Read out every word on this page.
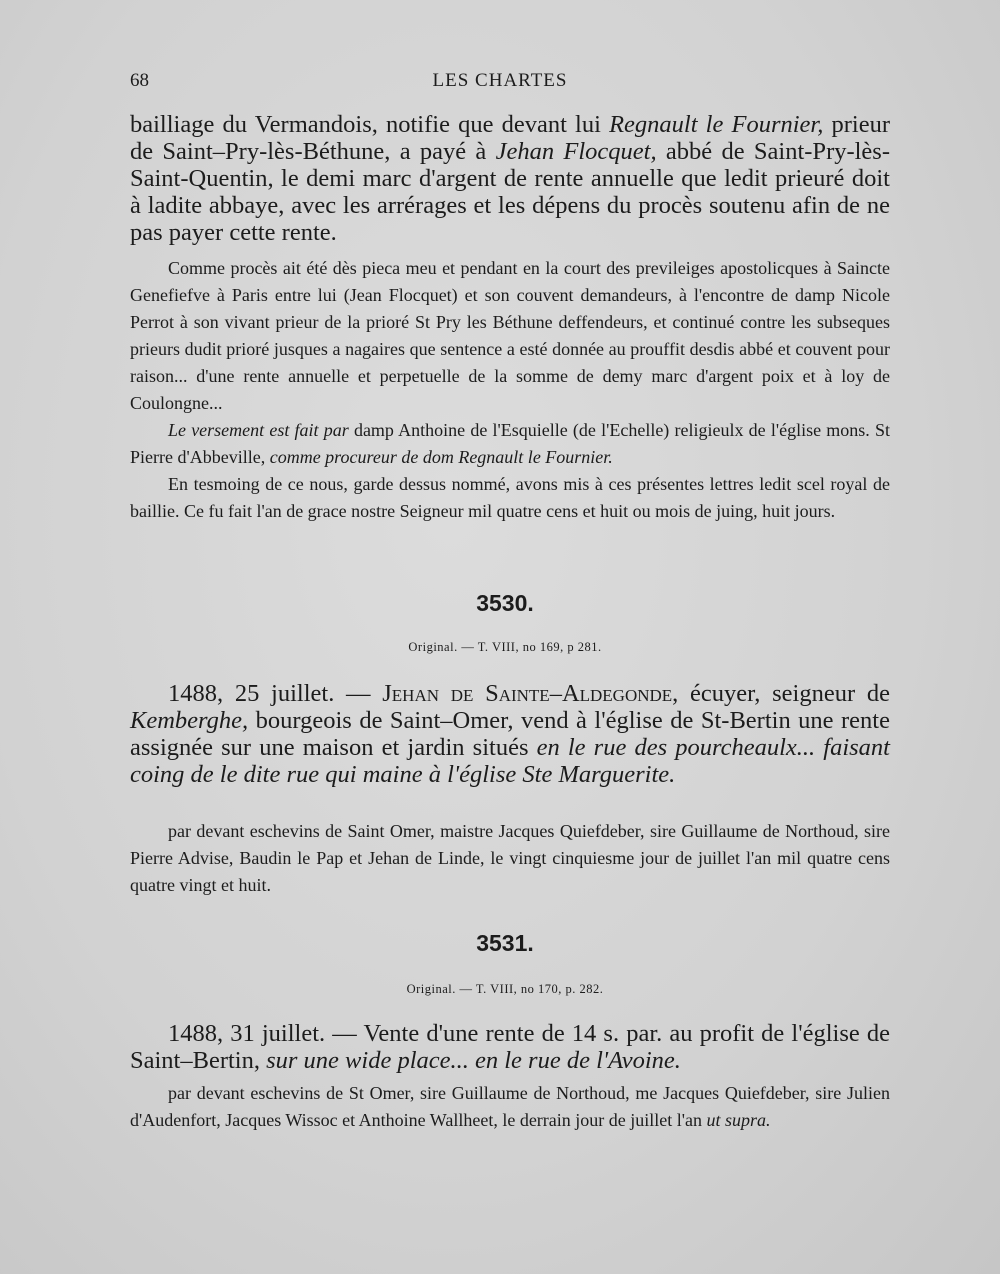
68	LES CHARTES

bailliage du Vermandois, notifie que devant lui Regnault le Fournier, prieur de Saint–Pry-lès-Béthune, a payé à Jehan Flocquet, abbé de Saint-Pry-lès-Saint-Quentin, le demi marc d'argent de rente annuelle que ledit prieuré doit à ladite abbaye, avec les arrérages et les dépens du procès soutenu afin de ne pas payer cette rente.

Comme procès ait été dès pieca meu et pendant en la court des previleiges apostolicques à Saincte Genefiefve à Paris entre lui (Jean Flocquet) et son couvent demandeurs, à l'encontre de damp Nicole Perrot à son vivant prieur de la prioré St Pry les Béthune deffendeurs, et continué contre les subseques prieurs dudit prioré jusques a nagaires que sentence a esté donnée au prouffit desdis abbé et couvent pour raison... d'une rente annuelle et perpetuelle de la somme de demy marc d'argent poix et à loy de Coulongne...

Le versement est fait par damp Anthoine de l'Esquielle (de l'Echelle) religieulx de l'église mons. St Pierre d'Abbeville, comme procureur de dom Regnault le Fournier.

En tesmoing de ce nous, garde dessus nommé, avons mis à ces présentes lettres ledit scel royal de baillie. Ce fu fait l'an de grace nostre Seigneur mil quatre cens et huit ou mois de juing, huit jours.

3530.
Original. — T. VIII, no 169, p 281.

1488, 25 juillet. — Jehan de Sainte–Aldegonde, écuyer, seigneur de Kemberghe, bourgeois de Saint–Omer, vend à l'église de St-Bertin une rente assignée sur une maison et jardin situés en le rue des pourcheaulx... faisant coing de le dite rue qui maine à l'église Ste Marguerite.

par devant eschevins de Saint Omer, maistre Jacques Quiefdeber, sire Guillaume de Northoud, sire Pierre Advise, Baudin le Pap et Jehan de Linde, le vingt cinquiesme jour de juillet l'an mil quatre cens quatre vingt et huit.

3531.
Original. — T. VIII, no 170, p. 282.

1488, 31 juillet. — Vente d'une rente de 14 s. par. au profit de l'église de Saint–Bertin, sur une wide place... en le rue de l'Avoine.

par devant eschevins de St Omer, sire Guillaume de Northoud, me Jacques Quiefdeber, sire Julien d'Audenfort, Jacques Wissoc et Anthoine Wallheet, le derrain jour de juillet l'an ut supra.
